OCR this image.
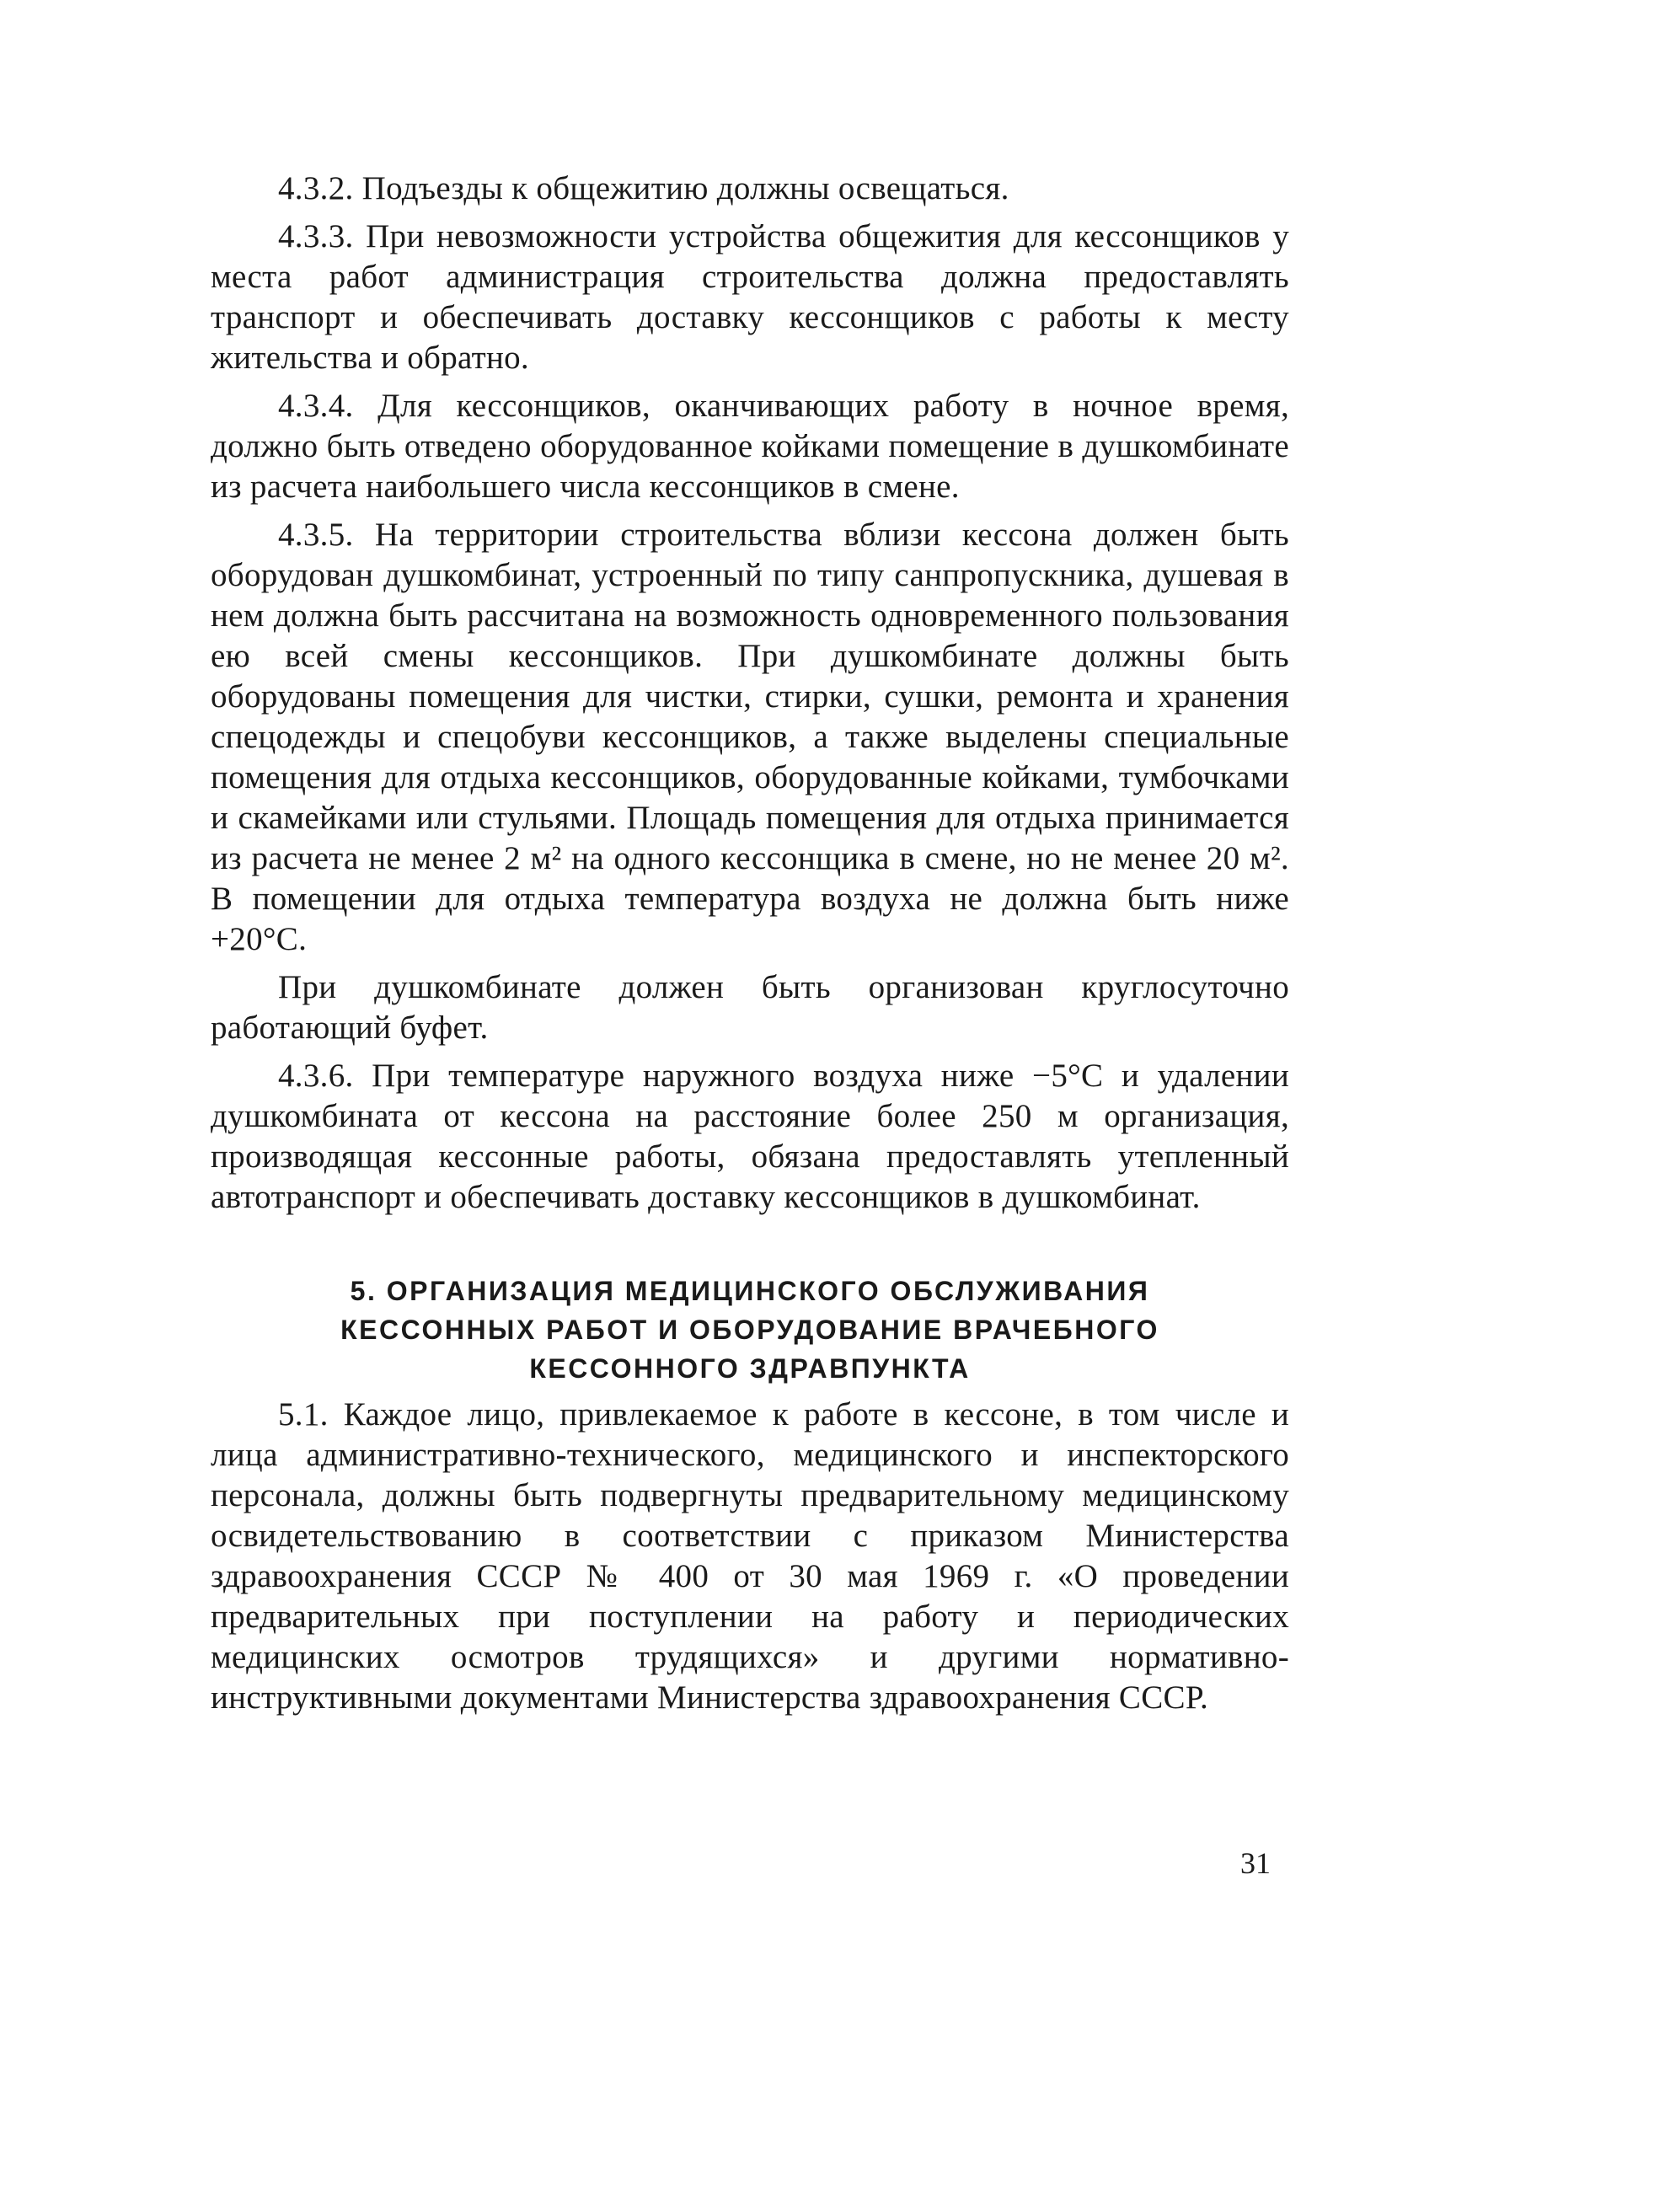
4.3.2. Подъезды к общежитию должны освещаться.

4.3.3. При невозможности устройства общежития для кессонщиков у места работ администрация строительства должна предоставлять транспорт и обеспечивать доставку кессонщиков с работы к месту жительства и обратно.

4.3.4. Для кессонщиков, оканчивающих работу в ночное время, должно быть отведено оборудованное койками помещение в душкомбинате из расчета наибольшего числа кессонщиков в смене.

4.3.5. На территории строительства вблизи кессона должен быть оборудован душкомбинат, устроенный по типу санпропускника, душевая в нем должна быть рассчитана на возможность одновременного пользования ею всей смены кессонщиков. При душкомбинате должны быть оборудованы помещения для чистки, стирки, сушки, ремонта и хранения спецодежды и спецобуви кессонщиков, а также выделены специальные помещения для отдыха кессонщиков, оборудованные койками, тумбочками и скамейками или стульями. Площадь помещения для отдыха принимается из расчета не менее 2 м² на одного кессонщика в смене, но не менее 20 м². В помещении для отдыха температура воздуха не должна быть ниже +20°С.

При душкомбинате должен быть организован круглосуточно работающий буфет.

4.3.6. При температуре наружного воздуха ниже −5°С и удалении душкомбината от кессона на расстояние более 250 м организация, производящая кессонные работы, обязана предоставлять утепленный автотранспорт и обеспечивать доставку кессонщиков в душкомбинат.

5. ОРГАНИЗАЦИЯ МЕДИЦИНСКОГО ОБСЛУЖИВАНИЯ
КЕССОННЫХ РАБОТ И ОБОРУДОВАНИЕ ВРАЧЕБНОГО
КЕССОННОГО ЗДРАВПУНКТА

5.1. Каждое лицо, привлекаемое к работе в кессоне, в том числе и лица административно-технического, медицинского и инспекторского персонала, должны быть подвергнуты предварительному медицинскому освидетельствованию в соответствии с приказом Министерства здравоохранения СССР № 400 от 30 мая 1969 г. «О проведении предварительных при поступлении на работу и периодических медицинских осмотров трудящихся» и другими нормативно-инструктивными документами Министерства здравоохранения СССР.

31
